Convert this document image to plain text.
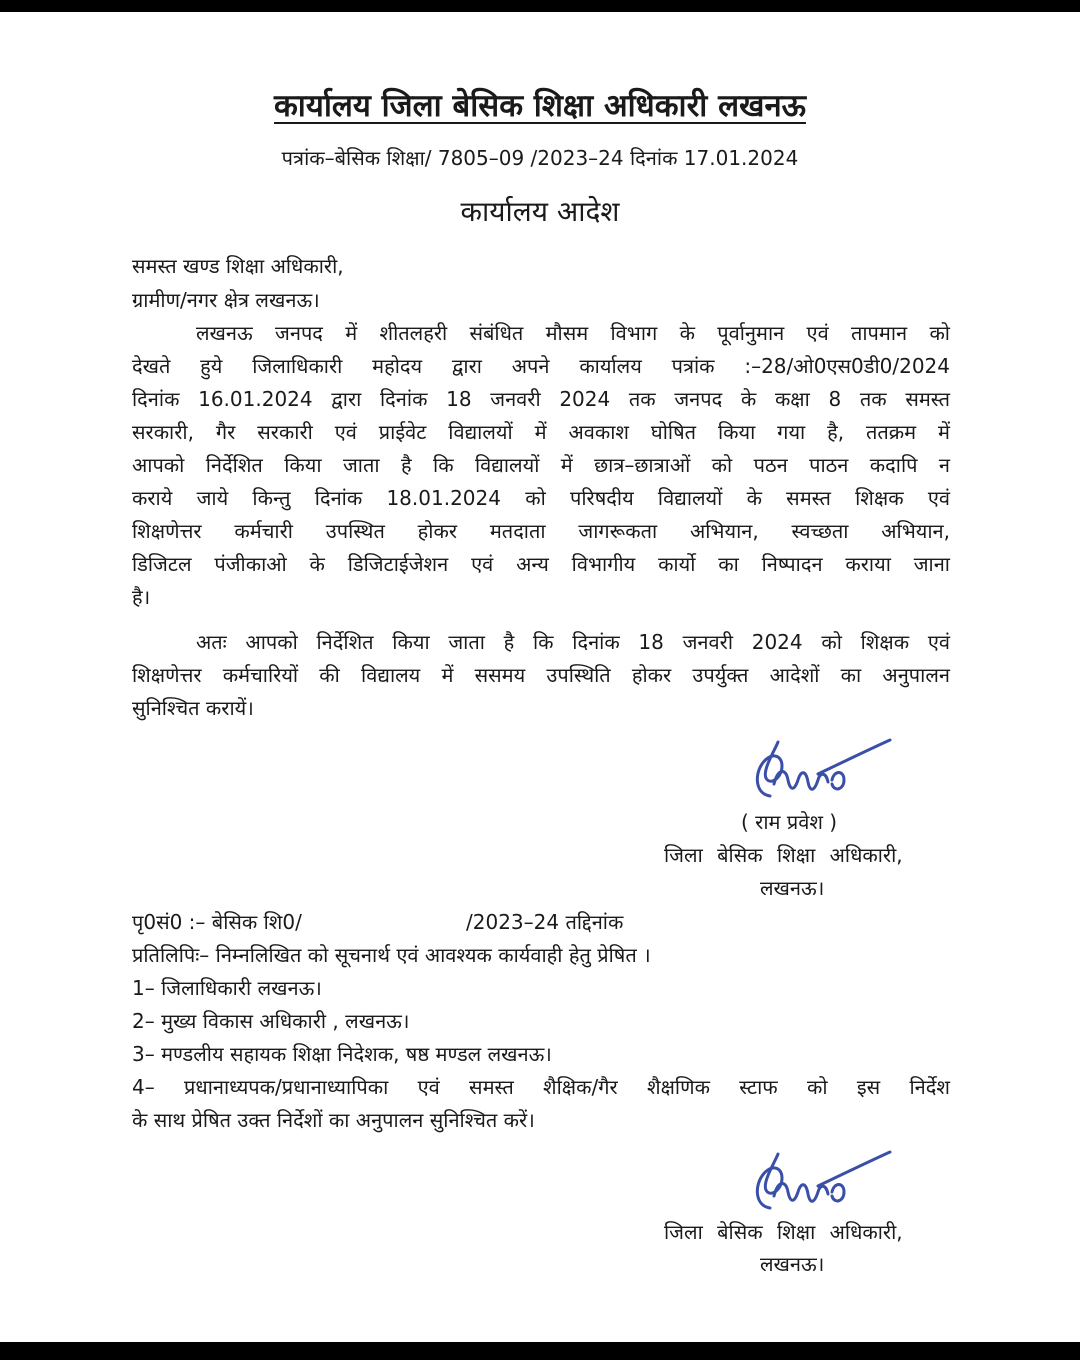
कार्यालय जिला बेसिक शिक्षा अधिकारी लखनऊ
पत्रांक–बेसिक शिक्षा/ 7805–09 /2023–24 दिनांक 17.01.2024
कार्यालय आदेश
समस्त खण्ड शिक्षा अधिकारी,
ग्रामीण/नगर क्षेत्र लखनऊ।
लखनऊ जनपद में शीतलहरी संबंधित मौसम विभाग के पूर्वानुमान एवं तापमान को
देखते हुये जिलाधिकारी महोदय द्वारा अपने कार्यालय पत्रांक :–28/ओ0एस0डी0/2024
दिनांक 16.01.2024 द्वारा दिनांक 18 जनवरी 2024 तक जनपद के कक्षा 8 तक समस्त
सरकारी, गैर सरकारी एवं प्राईवेट विद्यालयों में अवकाश घोषित किया गया है, ततक्रम में
आपको निर्देशित किया जाता है कि विद्यालयों में छात्र–छात्राओं को पठन पाठन कदापि न
कराये जाये किन्तु दिनांक 18.01.2024 को परिषदीय विद्यालयों के समस्त शिक्षक एवं
शिक्षणेत्तर कर्मचारी उपस्थित होकर मतदाता जागरूकता अभियान, स्वच्छता अभियान,
डिजिटल पंजीकाओ के डिजिटाईजेशन एवं अन्य विभागीय कार्यो का निष्पादन कराया जाना
है।
अतः आपको निर्देशित किया जाता है कि दिनांक 18 जनवरी 2024 को शिक्षक एवं
शिक्षणेत्तर कर्मचारियों की विद्यालय में ससमय उपस्थिति होकर उपर्युक्त आदेशों का अनुपालन
सुनिश्चित करायें।
( राम प्रवेश )
जिला बेसिक शिक्षा अधिकारी,
लखनऊ।
पृ0सं0 :– बेसिक शि0/	/2023–24 तद्दिनांक
प्रतिलिपिः– निम्नलिखित को सूचनार्थ एवं आवश्यक कार्यवाही हेतु प्रेषित ।
1– जिलाधिकारी लखनऊ।
2– मुख्य विकास अधिकारी , लखनऊ।
3– मण्डलीय सहायक शिक्षा निदेशक, षष्ठ मण्डल लखनऊ।
4– प्रधानाध्यपक/प्रधानाध्यापिका एवं समस्त शैक्षिक/गैर शैक्षणिक स्टाफ को इस निर्देश
के साथ प्रेषित उक्त निर्देशों का अनुपालन सुनिश्चित करें।
जिला बेसिक शिक्षा अधिकारी,
लखनऊ।
